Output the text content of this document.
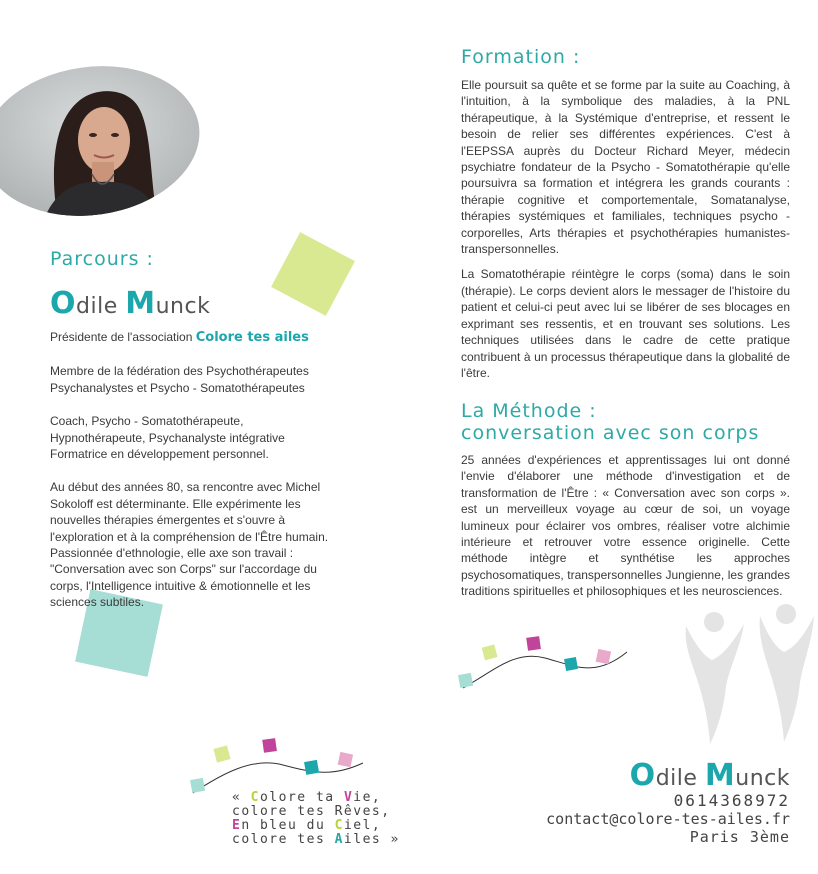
Parcours :
Odile Munck

Présidente de l'association Colore tes ailes

Membre de la fédération des Psychothérapeutes Psychanalystes et Psycho - Somatothérapeutes

Coach, Psycho - Somatothérapeute, Hypnothérapeute, Psychanalyste intégrative Formatrice en développement personnel.

Au début des années 80, sa rencontre avec Michel Sokoloff est déterminante. Elle expérimente les nouvelles thérapies émergentes et s'ouvre à l'exploration et à la compréhension de l'Être humain. Passionnée d'ethnologie, elle axe son travail : "Conversation avec son Corps" sur l'accordage du corps, l'Intelligence intuitive & émotionnelle et les sciences subtiles.

Formation :

Elle poursuit sa quête et se forme par la suite au Coaching, à l'intuition, à la symbolique des maladies, à la PNL thérapeutique, à la Systémique d'entreprise, et ressent le besoin de relier ses différentes expériences. C'est à l'EEPSSA auprès du Docteur Richard Meyer, médecin psychiatre fondateur de la Psycho - Somatothérapie qu'elle poursuivra sa formation et intégrera les grands courants : thérapie cognitive et comportementale, Somatanalyse, thérapies systémiques et familiales, techniques psycho - corporelles, Arts thérapies et psychothérapies humanistes-transpersonnelles.

La Somatothérapie réintègre le corps (soma) dans le soin (thérapie). Le corps devient alors le messager de l'histoire du patient et celui-ci peut avec lui se libérer de ses blocages en exprimant ses ressentis, et en trouvant ses solutions. Les techniques utilisées dans le cadre de cette pratique contribuent à un processus thérapeutique dans la globalité de l'être.

La Méthode :
conversation avec son corps

25 années d'expériences et apprentissages lui ont donné l'envie d'élaborer une méthode d'investigation et de transformation de l'Être : « Conversation avec son corps ». est un merveilleux voyage au cœur de soi, un voyage lumineux pour éclairer vos ombres, réaliser votre alchimie intérieure et retrouver votre essence originelle. Cette méthode intègre et synthétise les approches psychosomatiques, transpersonnelles Jungienne, les grandes traditions spirituelles et philosophiques et les neurosciences.

« Colore ta Vie,
colore tes Rêves,
En bleu du Ciel,
colore tes Ailes »
Odile Munck
0614368972
contact@colore-tes-ailes.fr
Paris 3ème
